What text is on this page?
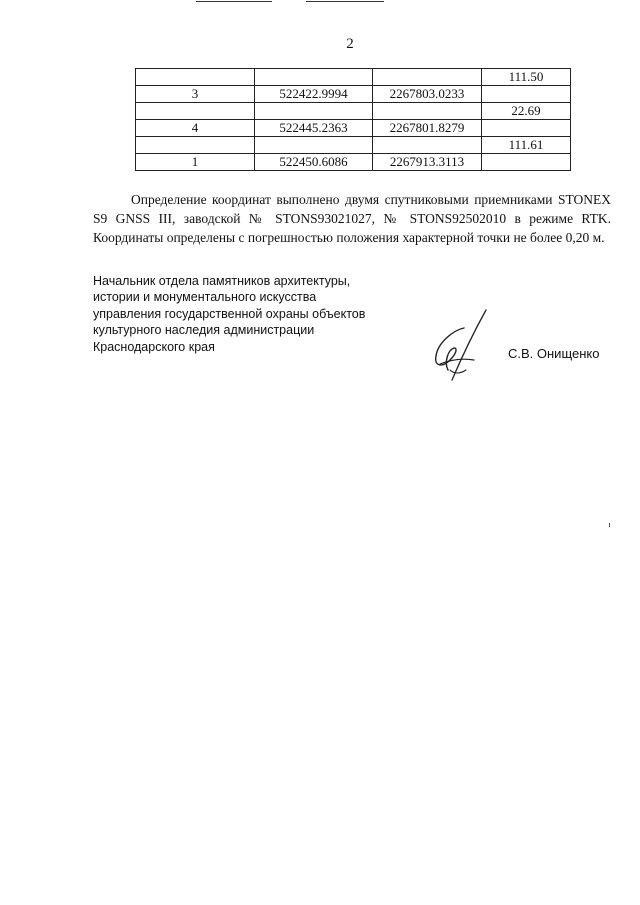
2
			111.50
3	522422.9994	2267803.0233	
			22.69
4	522445.2363	2267801.8279	
			111.61
1	522450.6086	2267913.3113	

Определение координат выполнено двумя спутниковыми приемниками STONEX S9 GNSS III, заводской № STONS93021027, № STONS92502010 в режиме RTK. Координаты определены с погрешностью положения характерной точки не более 0,20 м.

Начальник отдела памятников архитектуры,
истории и монументального искусства
управления государственной охраны объектов
культурного наследия администрации
Краснодарского края	С.В. Онищенко
